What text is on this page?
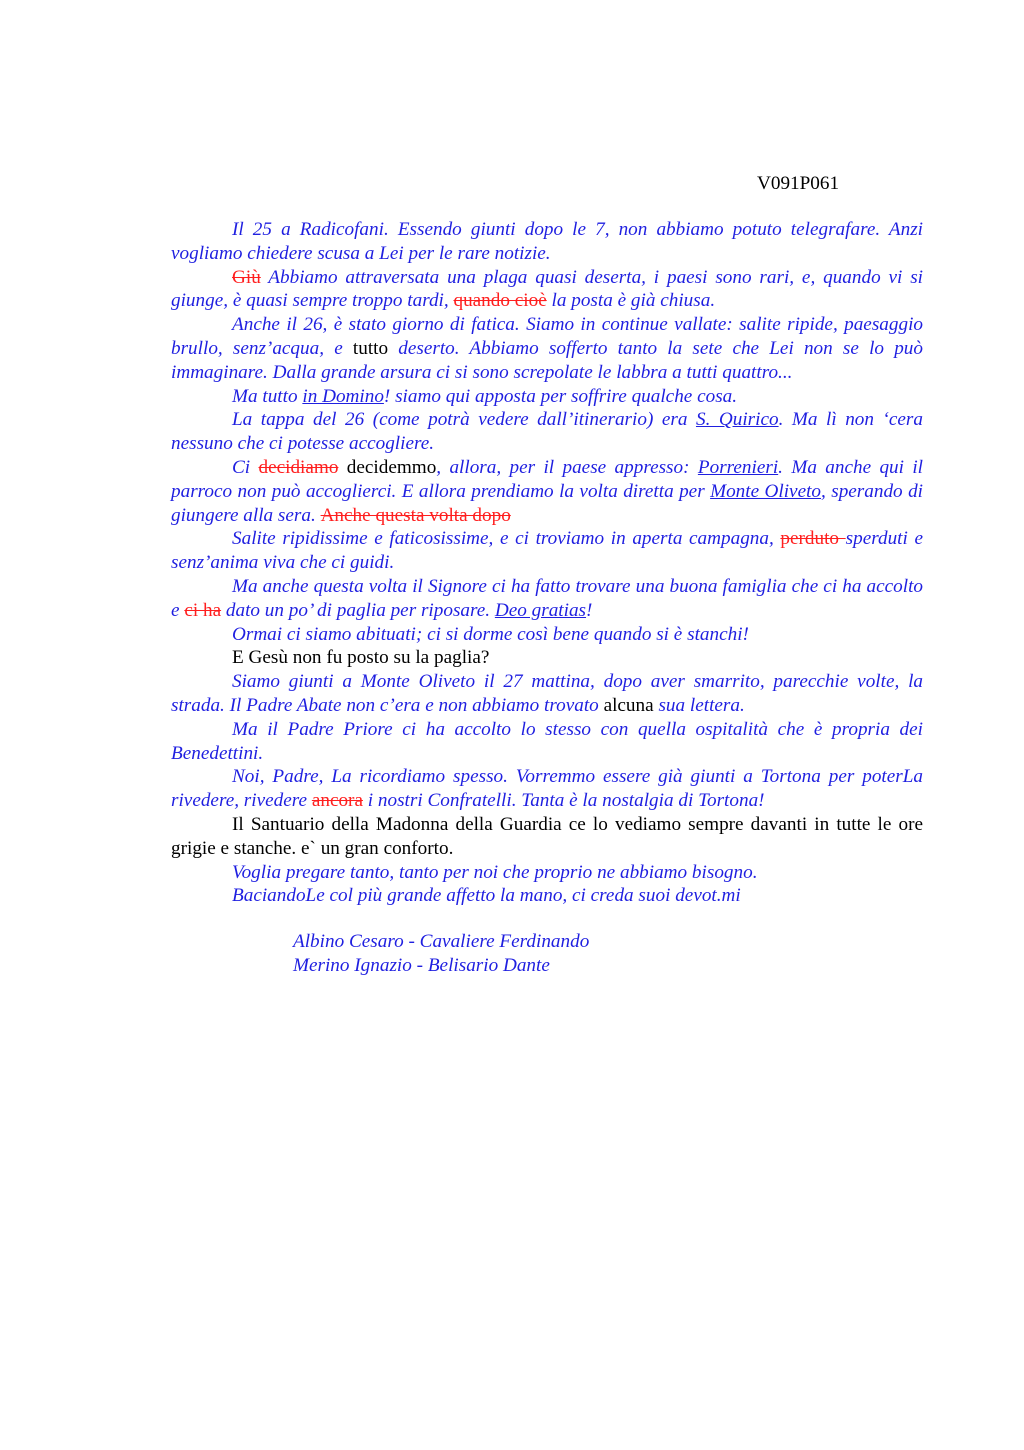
V091P061

Il 25 a Radicofani. Essendo giunti dopo le 7, non abbiamo potuto telegrafare. Anzi vogliamo chiedere scusa a Lei per le rare notizie.

Giù Abbiamo attraversata una plaga quasi deserta, i paesi sono rari, e, quando vi si giunge, è quasi sempre troppo tardi, quando cioè la posta è già chiusa.

Anche il 26, è stato giorno di fatica. Siamo in continue vallate: salite ripide, paesaggio brullo, senz’acqua, e tutto deserto. Abbiamo sofferto tanto la sete che Lei non se lo può immaginare. Dalla grande arsura ci si sono screpolate le labbra a tutti quattro...

Ma tutto in Domino! siamo qui apposta per soffrire qualche cosa.

La tappa del 26 (come potrà vedere dall’itinerario) era S. Quirico. Ma lì non ‘cera nessuno che ci potesse accogliere.

Ci decidiamo decidemmo, allora, per il paese appresso: Porrenieri. Ma anche qui il parroco non può accoglierci. E allora prendiamo la volta diretta per Monte Oliveto, sperando di giungere alla sera. Anche questa volta dopo

Salite ripidissime e faticosissime, e ci troviamo in aperta campagna, perduto sperduti e senz’anima viva che ci guidi.

Ma anche questa volta il Signore ci ha fatto trovare una buona famiglia che ci ha accolto e ci ha dato un po’ di paglia per riposare. Deo gratias!

Ormai ci siamo abituati; ci si dorme così bene quando si è stanchi!

E Gesù non fu posto su la paglia?

Siamo giunti a Monte Oliveto il 27 mattina, dopo aver smarrito, parecchie volte, la strada. Il Padre Abate non c’era e non abbiamo trovato alcuna sua lettera.

Ma il Padre Priore ci ha accolto lo stesso con quella ospitalità che è propria dei Benedettini.

Noi, Padre, La ricordiamo spesso. Vorremmo essere già giunti a Tortona per poterLa rivedere, rivedere ancora i nostri Confratelli. Tanta è la nostalgia di Tortona!

Il Santuario della Madonna della Guardia ce lo vediamo sempre davanti in tutte le ore grigie e stanche. e` un gran conforto.

Voglia pregare tanto, tanto per noi che proprio ne abbiamo bisogno.

BaciandoLe col più grande affetto la mano, ci creda suoi devot.mi

Albino Cesaro - Cavaliere Ferdinando
Merino Ignazio - Belisario Dante
